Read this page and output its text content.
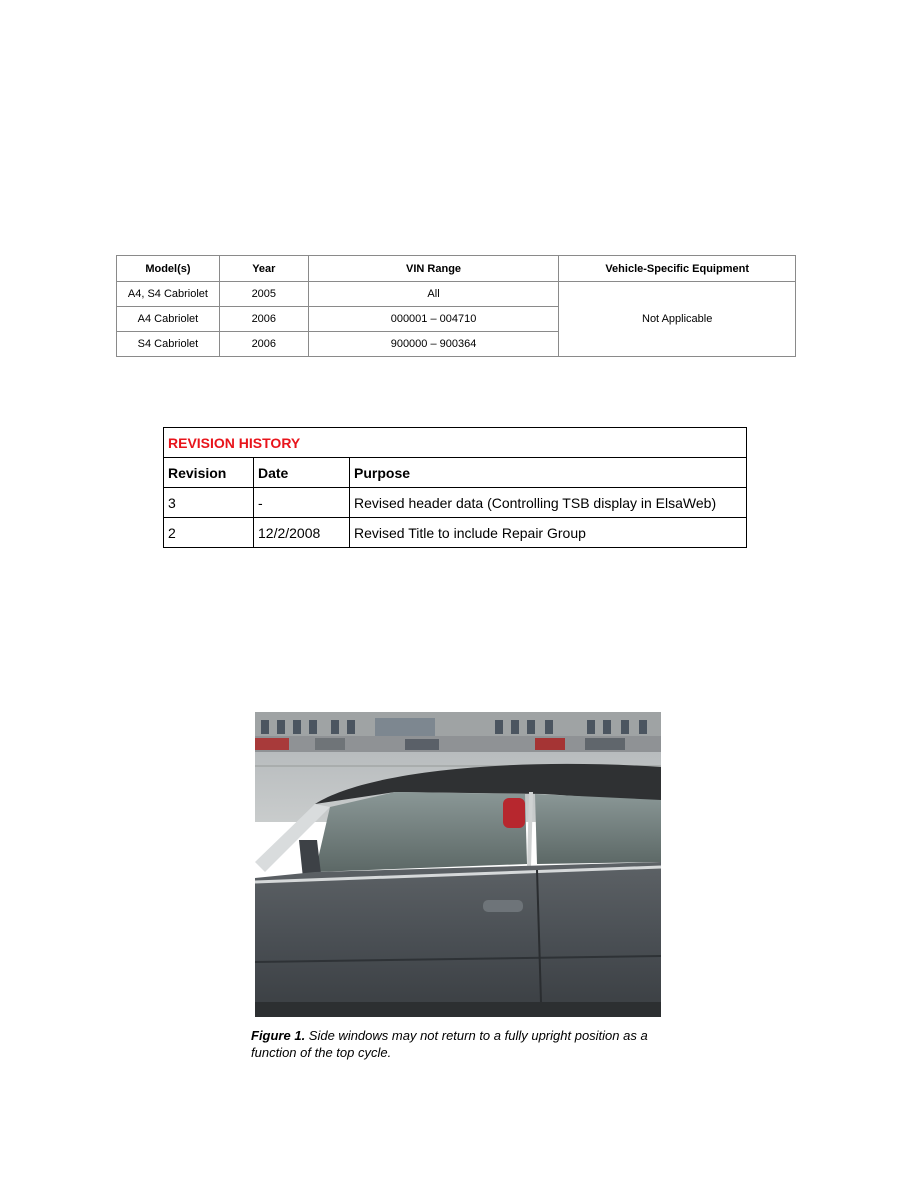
Model(s)	Year	VIN Range	Vehicle-Specific Equipment
A4, S4 Cabriolet	2005	All	Not Applicable
A4 Cabriolet	2006	000001 – 004710	
S4 Cabriolet	2006	900000 – 900364	
REVISION HISTORY		
Revision	Date	Purpose
3	-	Revised header data (Controlling TSB display in ElsaWeb)
2	12/2/2008	Revised Title to include Repair Group
Figure 1. Side windows may not return to a fully upright position as a function of the top cycle.
